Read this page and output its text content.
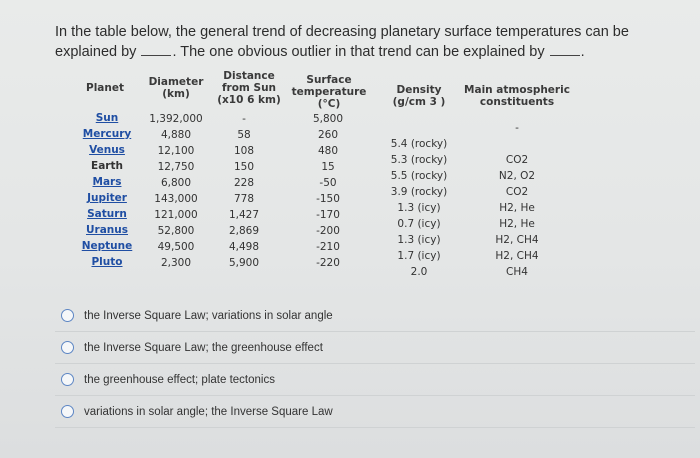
In the table below, the general trend of decreasing planetary surface temperatures can be explained by . The one obvious outlier in that trend can be explained by .
Planet	Diameter
(km)
Distance
from Sun
(x10 6 km)
Surface
temperature
(°C)
Density
(g/cm 3 )
Main atmospheric
constituents
Sun
Mercury
Venus
Earth
Mars
Jupiter
Saturn
Uranus
Neptune
Pluto
1,392,000
4,880
12,100
12,750
6,800
143,000
121,000
52,800
49,500
2,300
-
58
108
150
228
778
1,427
2,869
4,498
5,900
5,800
260
480
15
-50
-150
-170
-200
-210
-220
5.4 (rocky)
5.3 (rocky)
5.5 (rocky)
3.9 (rocky)
1.3 (icy)
0.7 (icy)
1.3 (icy)
1.7 (icy)
2.0
-
CO2
N2, O2
CO2
H2, He
H2, He
H2, CH4
H2, CH4
CH4
the Inverse Square Law; variations in solar angle
the Inverse Square Law; the greenhouse effect
the greenhouse effect; plate tectonics
variations in solar angle; the Inverse Square Law
